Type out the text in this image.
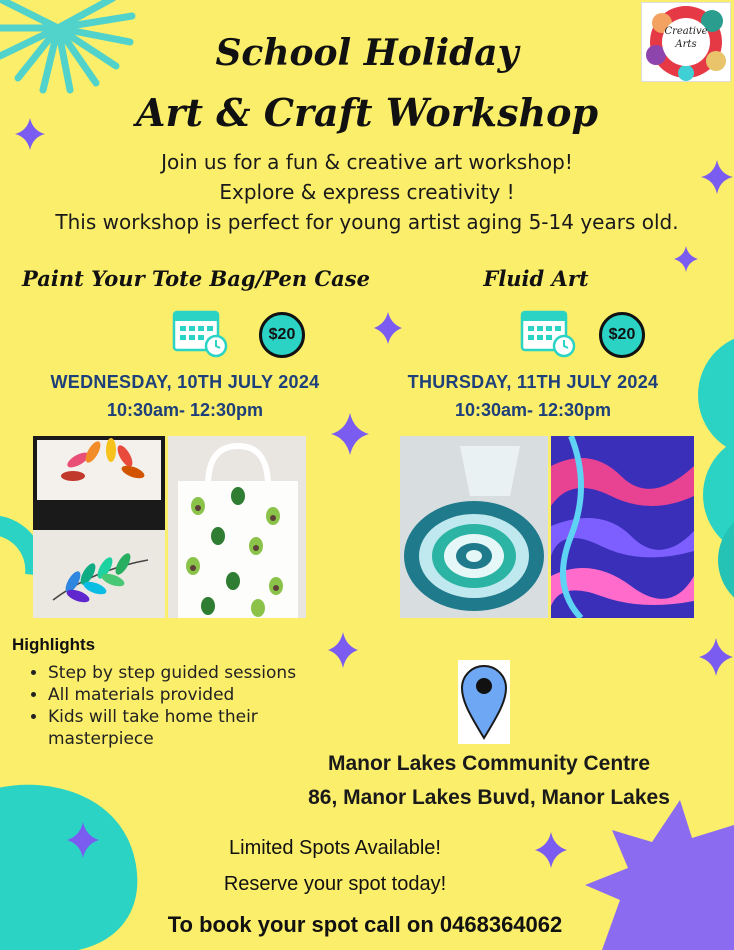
Creative Arts
School Holiday
Art & Craft Workshop
Join us for a fun & creative art workshop!
Explore & express creativity !
This workshop is perfect for young artist aging 5-14 years old.
Paint Your Tote Bag/Pen Case
$20
WEDNESDAY, 10TH JULY 2024
10:30am- 12:30pm
Fluid Art
$20
THURSDAY, 11TH JULY 2024
10:30am- 12:30pm
Highlights
• Step by step guided sessions
• All materials provided
• Kids will take home their masterpiece
Manor Lakes Community Centre
86, Manor Lakes Buvd, Manor Lakes
Limited Spots Available!
Reserve your spot today!
To book your spot call on 0468364062
